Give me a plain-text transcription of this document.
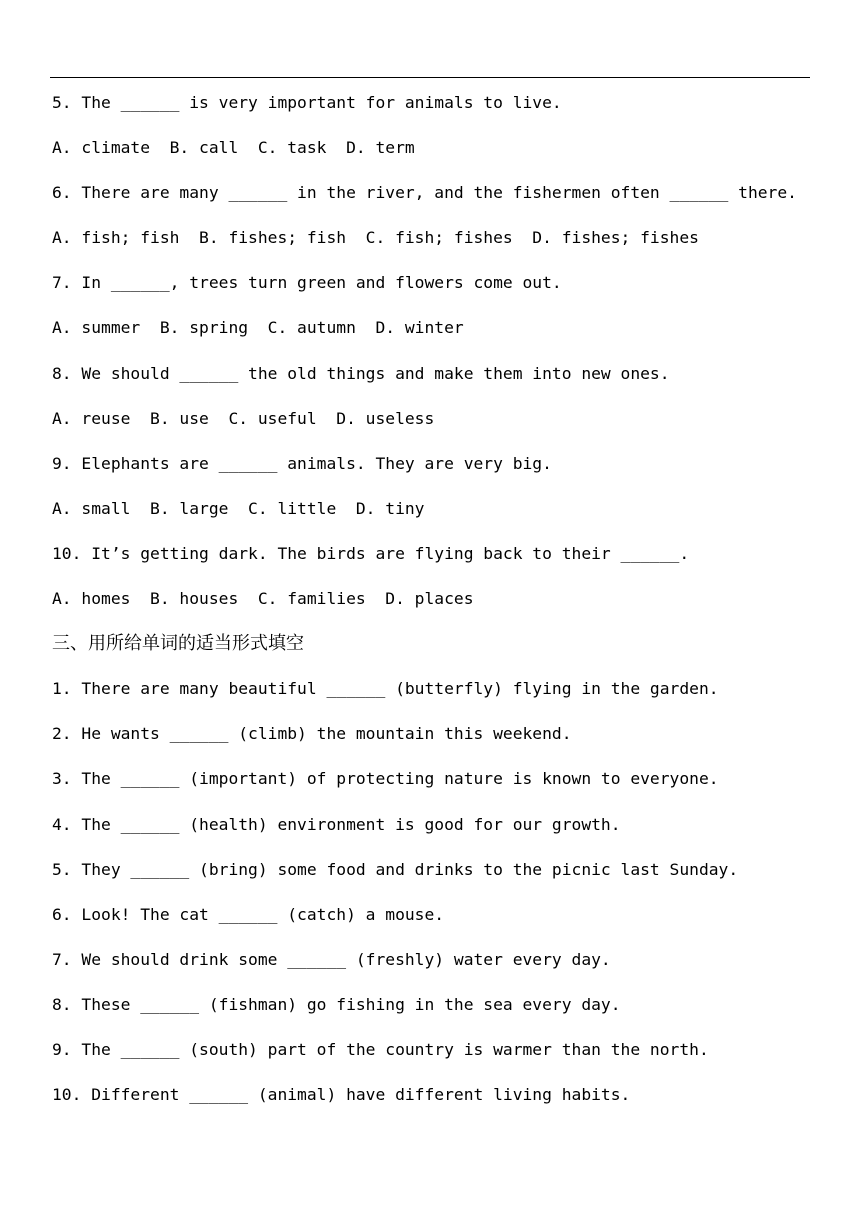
5. The ______ is very important for animals to live.
A. climate  B. call  C. task  D. term
6. There are many ______ in the river, and the fishermen often ______ there.
A. fish; fish  B. fishes; fish  C. fish; fishes  D. fishes; fishes
7. In ______, trees turn green and flowers come out.
A. summer  B. spring  C. autumn  D. winter
8. We should ______ the old things and make them into new ones.
A. reuse  B. use  C. useful  D. useless
9. Elephants are ______ animals. They are very big.
A. small  B. large  C. little  D. tiny
10. It’s getting dark. The birds are flying back to their ______.
A. homes  B. houses  C. families  D. places
三、用所给单词的适当形式填空
1. There are many beautiful ______ (butterfly) flying in the garden.
2. He wants ______ (climb) the mountain this weekend.
3. The ______ (important) of protecting nature is known to everyone.
4. The ______ (health) environment is good for our growth.
5. They ______ (bring) some food and drinks to the picnic last Sunday.
6. Look! The cat ______ (catch) a mouse.
7. We should drink some ______ (freshly) water every day.
8. These ______ (fishman) go fishing in the sea every day.
9. The ______ (south) part of the country is warmer than the north.
10. Different ______ (animal) have different living habits.
